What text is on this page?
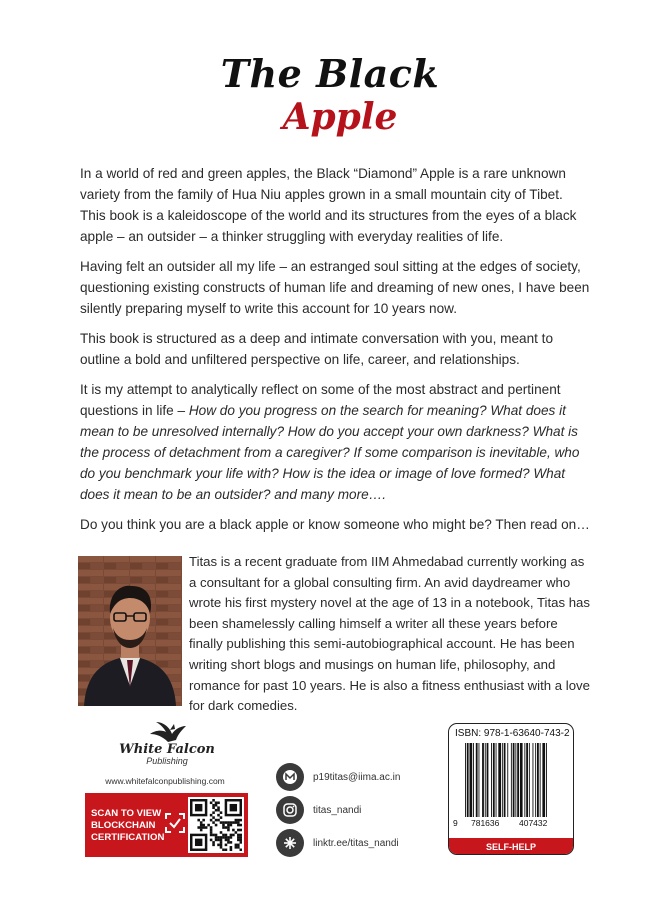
The Black
Apple

In a world of red and green apples, the Black “Diamond” Apple is a rare unknown variety from the family of Hua Niu apples grown in a small mountain city of Tibet. This book is a kaleidoscope of the world and its structures from the eyes of a black apple – an outsider – a thinker struggling with everyday realities of life.

Having felt an outsider all my life – an estranged soul sitting at the edges of society, questioning existing constructs of human life and dreaming of new ones, I have been silently preparing myself to write this account for 10 years now.

This book is structured as a deep and intimate conversation with you, meant to outline a bold and unfiltered perspective on life, career, and relationships.

It is my attempt to analytically reflect on some of the most abstract and pertinent questions in life – How do you progress on the search for meaning? What does it mean to be unresolved internally? How do you accept your own darkness? What is the process of detachment from a caregiver? If some comparison is inevitable, who do you benchmark your life with? How is the idea or image of love formed? What does it mean to be an outsider? and many more….

Do you think you are a black apple or know someone who might be? Then read on…

Titas is a recent graduate from IIM Ahmedabad currently working as a consultant for a global consulting firm. An avid daydreamer who wrote his first mystery novel at the age of 13 in a notebook, Titas has been shamelessly calling himself a writer all these years before finally publishing this semi-autobiographical account. He has been writing short blogs and musings on human life, philosophy, and romance for past 10 years. He is also a fitness enthusiast with a love for dark comedies.
White Falcon
Publishing
www.whitefalconpublishing.com
SCAN TO VIEW BLOCKCHAIN CERTIFICATION
p19titas@iima.ac.in
titas_nandi
linktr.ee/titas_nandi
ISBN: 978-1-63640-743-2
9 781636 407432
SELF-HELP
